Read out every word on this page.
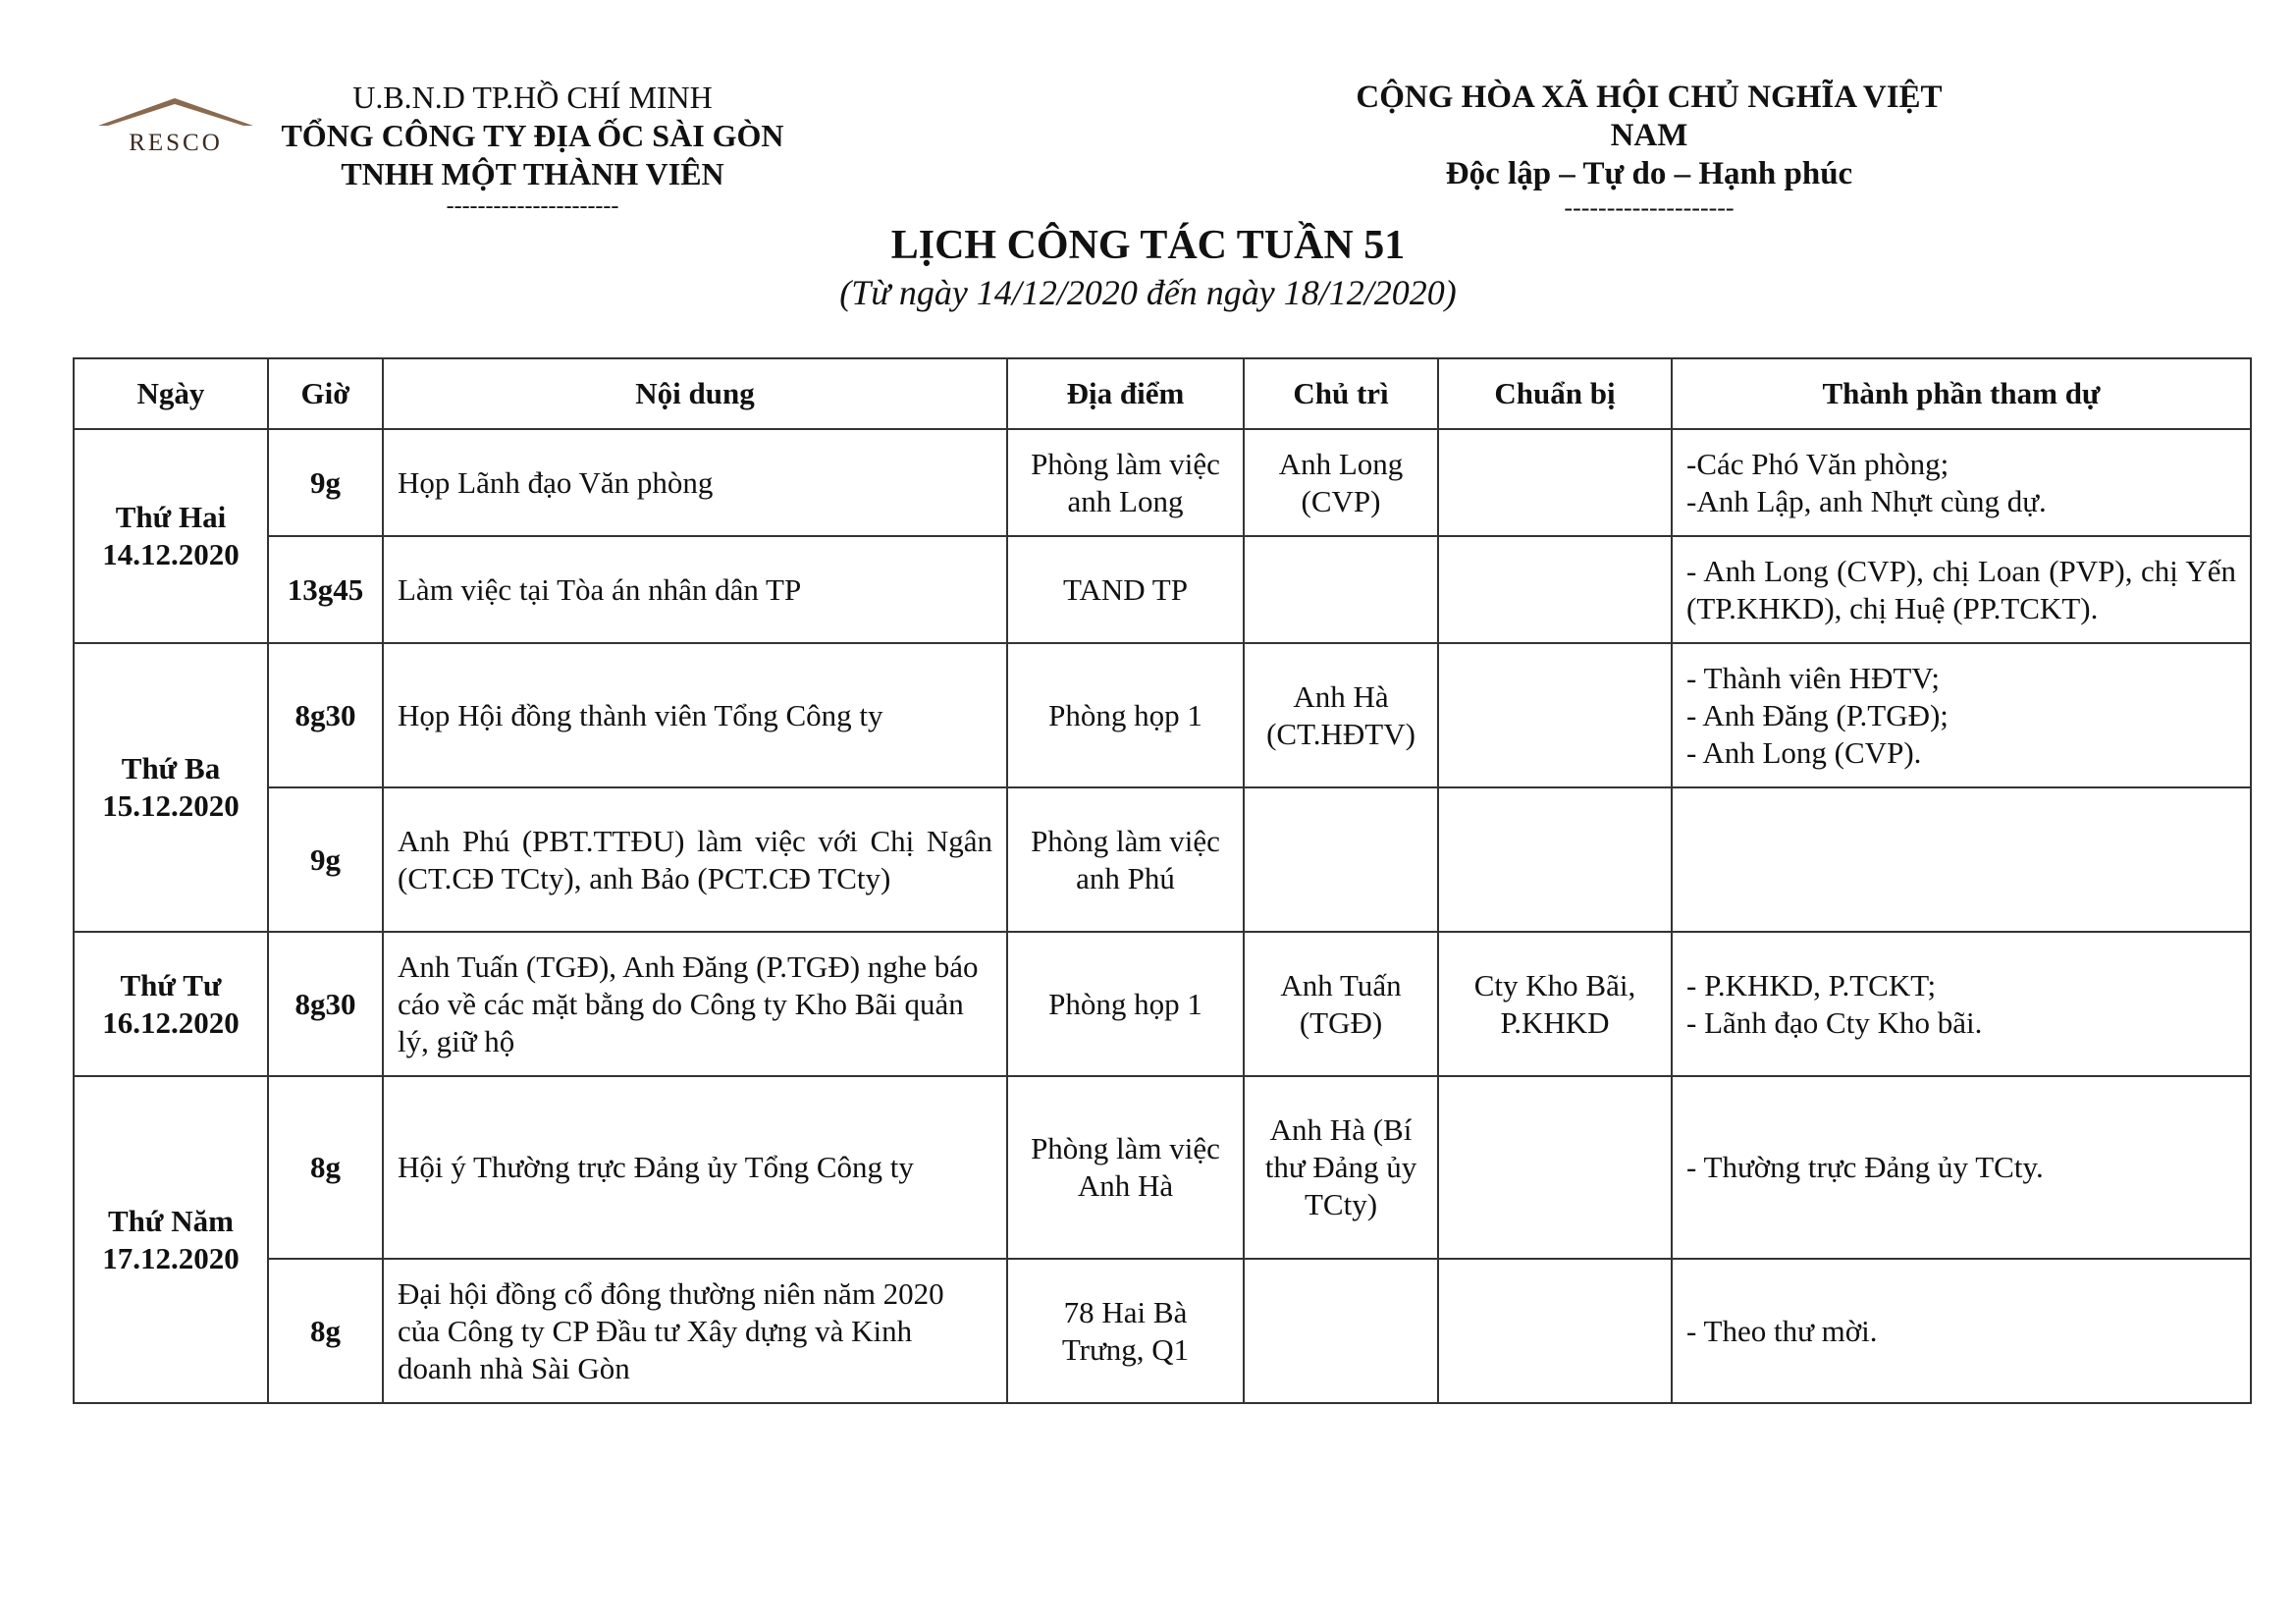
RESCO
U.B.N.D TP.HỒ CHÍ MINH
TỔNG CÔNG TY ĐỊA ỐC SÀI GÒN
TNHH MỘT THÀNH VIÊN
----------------------
CỘNG HÒA XÃ HỘI CHỦ NGHĨA VIỆT NAM
Độc lập – Tự do – Hạnh phúc
--------------------
LỊCH CÔNG TÁC TUẦN 51
(Từ ngày 14/12/2020 đến ngày 18/12/2020)
Ngày	Giờ	Nội dung	Địa điểm	Chủ trì	Chuẩn bị	Thành phần tham dự

Thứ Hai
14.12.2020	9g	Họp Lãnh đạo Văn phòng	Phòng làm việc anh Long	Anh Long (CVP)		-Các Phó Văn phòng;
-Anh Lập, anh Nhựt cùng dự.

	13g45	Làm việc tại Tòa án nhân dân TP	TAND TP			- Anh Long (CVP), chị Loan (PVP), chị Yến (TP.KHKD), chị Huệ (PP.TCKT).

Thứ Ba
15.12.2020	8g30	Họp Hội đồng thành viên Tổng Công ty	Phòng họp 1	Anh Hà (CT.HĐTV)		- Thành viên HĐTV;
- Anh Đăng (P.TGĐ);
- Anh Long (CVP).

	9g	Anh Phú (PBT.TTĐU) làm việc với Chị Ngân (CT.CĐ TCty), anh Bảo (PCT.CĐ TCty)	Phòng làm việc anh Phú			

Thứ Tư
16.12.2020	8g30	Anh Tuấn (TGĐ), Anh Đăng (P.TGĐ) nghe báo cáo về các mặt bằng do Công ty Kho Bãi quản lý, giữ hộ	Phòng họp 1	Anh Tuấn (TGĐ)	Cty Kho Bãi, P.KHKD	- P.KHKD, P.TCKT;
- Lãnh đạo Cty Kho bãi.

Thứ Năm
17.12.2020	8g	Hội ý Thường trực Đảng ủy Tổng Công ty	Phòng làm việc Anh Hà	Anh Hà (Bí thư Đảng ủy TCty)		- Thường trực Đảng ủy TCty.
	8g	Đại hội đồng cổ đông thường niên năm 2020 của Công ty CP Đầu tư Xây dựng và Kinh doanh nhà Sài Gòn	78 Hai Bà Trưng, Q1			- Theo thư mời.
